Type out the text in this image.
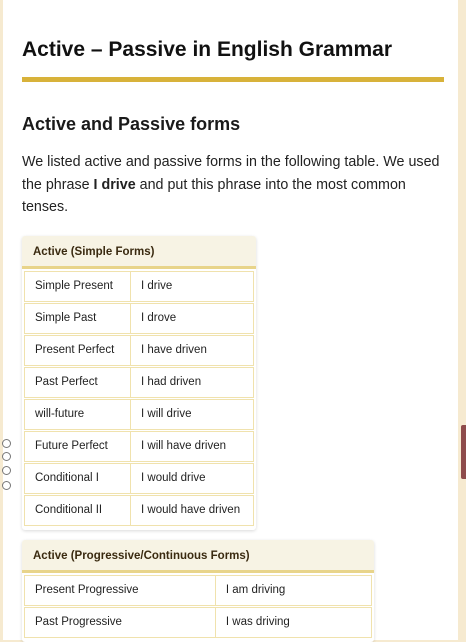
Active – Passive in English Grammar
Active and Passive forms
We listed active and passive forms in the following table. We used the phrase I drive and put this phrase into the most common tenses.
Active (Simple Forms)
Simple Present	I drive
Simple Past	I drove
Present Perfect	I have driven
Past Perfect	I had driven
will-future	I will drive
Future Perfect	I will have driven
Conditional I	I would drive
Conditional II	I would have driven
Active (Progressive/Continuous Forms)
Present Progressive	I am driving
Past Progressive	I was driving
